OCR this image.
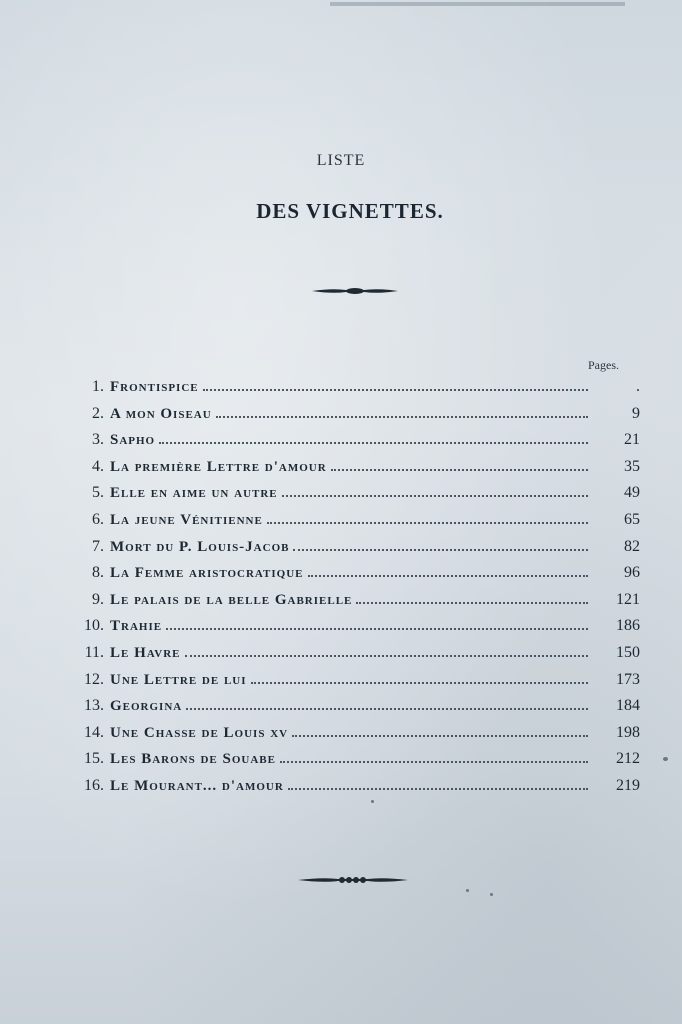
LISTE
DES VIGNETTES.
Pages.
1. Frontispice	.
2. A mon Oiseau	9
3. Sapho	21
4. La première Lettre d'amour	35
5. Elle en aime un autre	49
6. La jeune Vénitienne	65
7. Mort du P. Louis-Jacob	82
8. La Femme aristocratique	96
9. Le palais de la belle Gabrielle	121
10. Trahie	186
11. Le Havre	150
12. Une Lettre de lui	173
13. Georgina	184
14. Une Chasse de Louis xv	198
15. Les Barons de Souabe	212
16. Le Mourant... d'amour	219
